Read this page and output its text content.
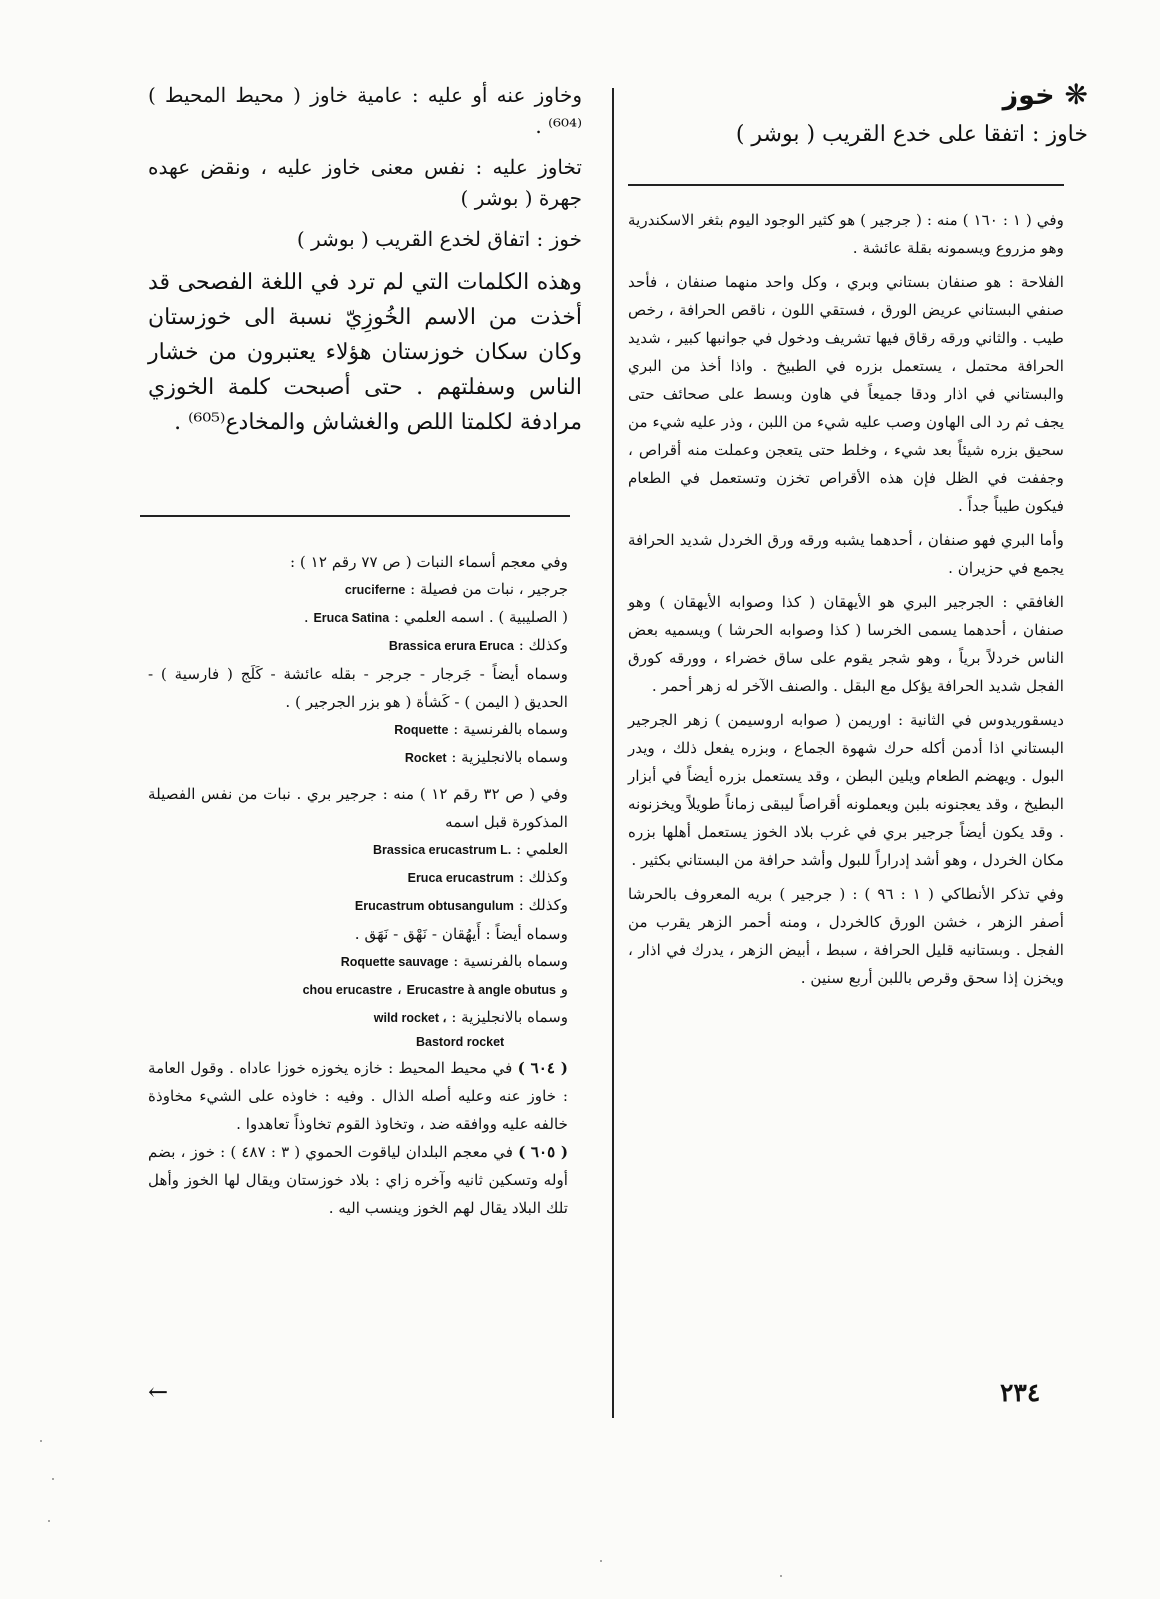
❋خوز

خاوز : اتفقا على خدع القريب ( بوشر )

وفي ( ١ : ١٦٠ ) منه : ( جرجير ) هو كثير الوجود اليوم بثغر الاسكندرية وهو مزروع ويسمونه بقلة عائشة .

الفلاحة : هو صنفان بستاني وبري ، وكل واحد منهما صنفان ، فأحد صنفي البستاني عريض الورق ، فستقي اللون ، ناقص الحرافة ، رخص طيب . والثاني ورقه رقاق فيها تشريف ودخول في جوانبها كبير ، شديد الحرافة محتمل ، يستعمل بزره في الطبيخ . واذا أخذ من البري والبستاني في اذار ودقا جميعاً في هاون وبسط على صحائف حتى يجف ثم رد الى الهاون وصب عليه شيء من اللبن ، وذر عليه شيء من سحيق بزره شيئاً بعد شيء ، وخلط حتى يتعجن وعملت منه أقراص ، وجففت في الظل فإن هذه الأقراص تخزن وتستعمل في الطعام فيكون طيباً جداً .

وأما البري فهو صنفان ، أحدهما يشبه ورقه ورق الخردل شديد الحرافة يجمع في حزيران .

الغافقي : الجرجير البري هو الأيهقان ( كذا وصوابه الأيهقان ) وهو صنفان ، أحدهما يسمى الخرسا ( كذا وصوابه الحرشا ) ويسميه بعض الناس خردلاً برياً ، وهو شجر يقوم على ساق خضراء ، وورقه كورق الفجل شديد الحرافة يؤكل مع البقل . والصنف الآخر له زهر أحمر .

ديسقوريدوس في الثانية : اوريمن ( صوابه اروسيمن ) زهر الجرجير البستاني اذا أدمن أكله حرك شهوة الجماع ، وبزره يفعل ذلك ، ويدر البول . ويهضم الطعام ويلين البطن ، وقد يستعمل بزره أيضاً في أبزار البطيخ ، وقد يعجنونه بلبن ويعملونه أقراصاً ليبقى زماناً طويلاً ويخزنونه . وقد يكون أيضاً جرجير بري في غرب بلاد الخوز يستعمل أهلها بزره مكان الخردل ، وهو أشد إدراراً للبول وأشد حرافة من البستاني بكثير .

وفي تذكر الأنطاكي ( ١ : ٩٦ ) : ( جرجير ) بريه المعروف بالحرشا أصفر الزهر ، خشن الورق كالخردل ، ومنه أحمر الزهر يقرب من الفجل . وبستانيه قليل الحرافة ، سبط ، أبيض الزهر ، يدرك في اذار ، ويخزن إذا سحق وقرص باللبن أربع سنين .

وخاوز عنه أو عليه : عامية خاوز ( محيط المحيط )⁽⁶⁰⁴⁾ .

تخاوز عليه : نفس معنى خاوز عليه ، ونقض عهده جهرة ( بوشر )

خوز : اتفاق لخدع القريب ( بوشر )

وهذه الكلمات التي لم ترد في اللغة الفصحى قد أخذت من الاسم الخُوزِيّ نسبة الى خوزستان وكان سكان خوزستان هؤلاء يعتبرون من خشار الناس وسفلتهم . حتى أصبحت كلمة الخوزي مرادفة لكلمتا اللص والغشاش والمخادع⁽⁶⁰⁵⁾ .

وفي معجم أسماء النبات ( ص ٧٧ رقم ١٢ ) :

جرجير ، نبات من فصيلة : cruciferne

( الصليبية ) . اسمه العلمي : Eruca Satina .

وكذلك : Brassica erura Eruca

وسماه أيضاً - جَرجار - جرجر - بقله عائشة - كَلَج ( فارسية ) - الحديق ( اليمن ) - كَشأة ( هو بزر الجرجير ) .

وسماه بالفرنسية : Roquette

وسماه بالانجليزية : Rocket

وفي ( ص ٣٢ رقم ١٢ ) منه : جرجير بري . نبات من نفس الفصيلة المذكورة قبل اسمه

العلمي : Brassica erucastrum L.

وكذلك : Eruca erucastrum

وكذلك : Erucastrum obtusangulum

وسماه أيضاً : أَيهُقان - نَهْق - نَهَق .

وسماه بالفرنسية : Roquette sauvage

و chou erucastre ، Erucastre à angle obutus

وسماه بالانجليزية : wild rocket ،

Bastord rocket

( ٦٠٤ ) في محيط المحيط : خازه يخوزه خوزا عاداه . وقول العامة : خاوز عنه وعليه أصله الذال . وفيه : خاوذه على الشيء مخاوذة خالفه عليه ووافقه ضد ، وتخاوذ القوم تخاوذاً تعاهدوا .

( ٦٠٥ ) في معجم البلدان لياقوت الحموي ( ٣ : ٤٨٧ ) : خوز ، بضم أوله وتسكين ثانيه وآخره زاي : بلاد خوزستان ويقال لها الخوز وأهل تلك البلاد يقال لهم الخوز وينسب اليه .

←	٢٣٤
